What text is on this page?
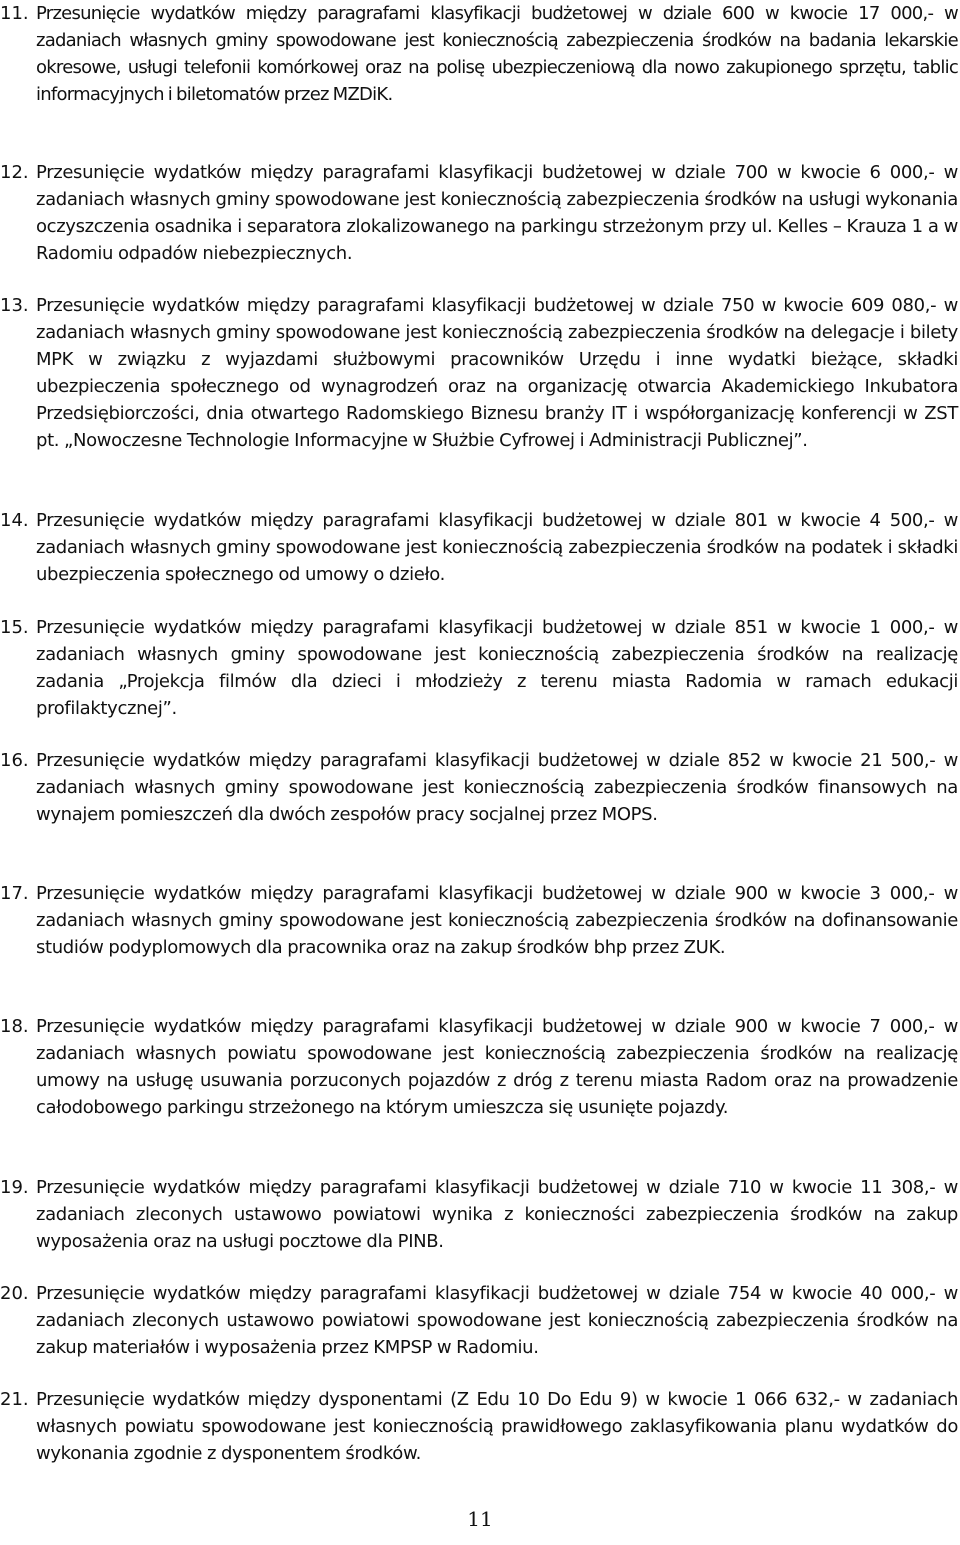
11. Przesunięcie wydatków między paragrafami klasyfikacji budżetowej w dziale 600 w kwocie 17 000,- w zadaniach własnych gminy spowodowane jest koniecznością zabezpieczenia środków na badania lekarskie okresowe, usługi telefonii komórkowej oraz na polisę ubezpieczeniową dla nowo zakupionego sprzętu, tablic informacyjnych i biletomatów przez MZDiK.
12. Przesunięcie wydatków między paragrafami klasyfikacji budżetowej w dziale 700 w kwocie 6 000,- w zadaniach własnych gminy spowodowane jest koniecznością zabezpieczenia środków na usługi wykonania oczyszczenia osadnika i separatora zlokalizowanego na parkingu strzeżonym przy ul. Kelles – Krauza 1 a w Radomiu odpadów niebezpiecznych.
13. Przesunięcie wydatków między paragrafami klasyfikacji budżetowej w dziale 750 w kwocie 609 080,- w zadaniach własnych gminy spowodowane jest koniecznością zabezpieczenia środków na delegacje i bilety MPK w związku z wyjazdami służbowymi pracowników Urzędu i inne wydatki bieżące, składki ubezpieczenia społecznego od wynagrodzeń oraz na organizację otwarcia Akademickiego Inkubatora Przedsiębiorczości, dnia otwartego Radomskiego Biznesu branży IT i współorganizację konferencji w ZST pt. „Nowoczesne Technologie Informacyjne w Służbie Cyfrowej i Administracji Publicznej”.
14. Przesunięcie wydatków między paragrafami klasyfikacji budżetowej w dziale 801 w kwocie 4 500,- w zadaniach własnych gminy spowodowane jest koniecznością zabezpieczenia środków na podatek i składki ubezpieczenia społecznego od umowy o dzieło.
15. Przesunięcie wydatków między paragrafami klasyfikacji budżetowej w dziale 851 w kwocie 1 000,- w zadaniach własnych gminy spowodowane jest koniecznością zabezpieczenia środków na realizację zadania „Projekcja filmów dla dzieci i młodzieży z terenu miasta Radomia w ramach edukacji profilaktycznej”.
16. Przesunięcie wydatków między paragrafami klasyfikacji budżetowej w dziale 852 w kwocie 21 500,- w zadaniach własnych gminy spowodowane jest koniecznością zabezpieczenia środków finansowych na wynajem pomieszczeń dla dwóch zespołów pracy socjalnej przez MOPS.
17. Przesunięcie wydatków między paragrafami klasyfikacji budżetowej w dziale 900 w kwocie 3 000,- w zadaniach własnych gminy spowodowane jest koniecznością zabezpieczenia środków na dofinansowanie studiów podyplomowych dla pracownika oraz na zakup środków bhp przez ZUK.
18. Przesunięcie wydatków między paragrafami klasyfikacji budżetowej w dziale 900 w kwocie 7 000,- w zadaniach własnych powiatu spowodowane jest koniecznością zabezpieczenia środków na realizację umowy na usługę usuwania porzuconych pojazdów z dróg z terenu miasta Radom oraz na prowadzenie całodobowego parkingu strzeżonego na którym umieszcza się usunięte pojazdy.
19. Przesunięcie wydatków między paragrafami klasyfikacji budżetowej w dziale 710 w kwocie 11 308,- w zadaniach zleconych ustawowo powiatowi wynika z konieczności zabezpieczenia środków na zakup wyposażenia oraz na usługi pocztowe dla PINB.
20. Przesunięcie wydatków między paragrafami klasyfikacji budżetowej w dziale 754 w kwocie 40 000,- w zadaniach zleconych ustawowo powiatowi spowodowane jest koniecznością zabezpieczenia środków na zakup materiałów i wyposażenia przez KMPSP w Radomiu.
21. Przesunięcie wydatków między dysponentami (Z Edu 10 Do Edu 9) w kwocie 1 066 632,- w zadaniach własnych powiatu spowodowane jest koniecznością prawidłowego zaklasyfikowania planu wydatków do wykonania zgodnie z dysponentem środków.
11
